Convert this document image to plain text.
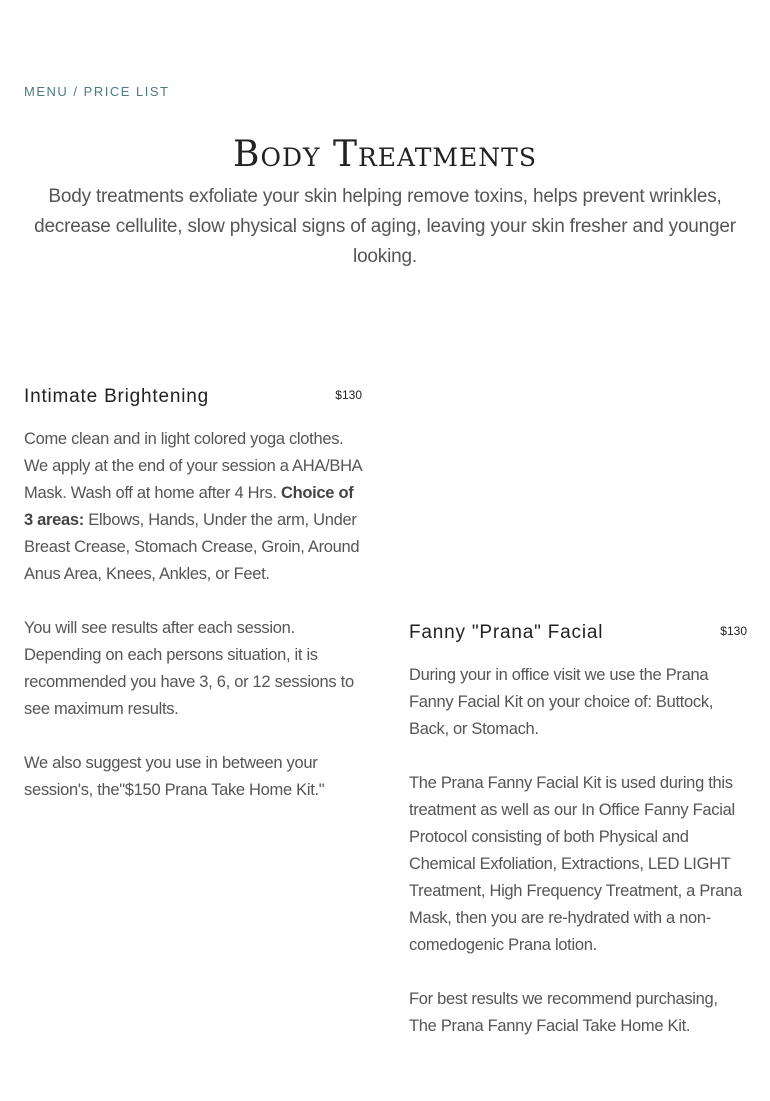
MENU / PRICE LIST
Body Treatments

Body treatments exfoliate your skin helping remove toxins, helps prevent wrinkles, decrease cellulite, slow physical signs of aging, leaving your skin fresher and younger looking.

Intimate Brightening	$130

Come clean and in light colored yoga clothes. We apply at the end of your session a AHA/BHA Mask. Wash off at home after 4 Hrs. Choice of 3 areas: Elbows, Hands, Under the arm, Under Breast Crease, Stomach Crease, Groin, Around Anus Area, Knees, Ankles, or Feet.

You will see results after each session. Depending on each persons situation, it is recommended you have 3, 6, or 12 sessions to see maximum results.

We also suggest you use in between your session's, the"$150 Prana Take Home Kit."

Fanny "Prana" Facial	$130

During your in office visit we use the Prana Fanny Facial Kit on your choice of: Buttock, Back, or Stomach.

The Prana Fanny Facial Kit is used during this treatment as well as our In Office Fanny Facial Protocol consisting of both Physical and Chemical Exfoliation, Extractions, LED LIGHT Treatment, High Frequency Treatment, a Prana Mask, then you are re-hydrated with a non-comedogenic Prana lotion.

For best results we recommend purchasing, The Prana Fanny Facial Take Home Kit.
